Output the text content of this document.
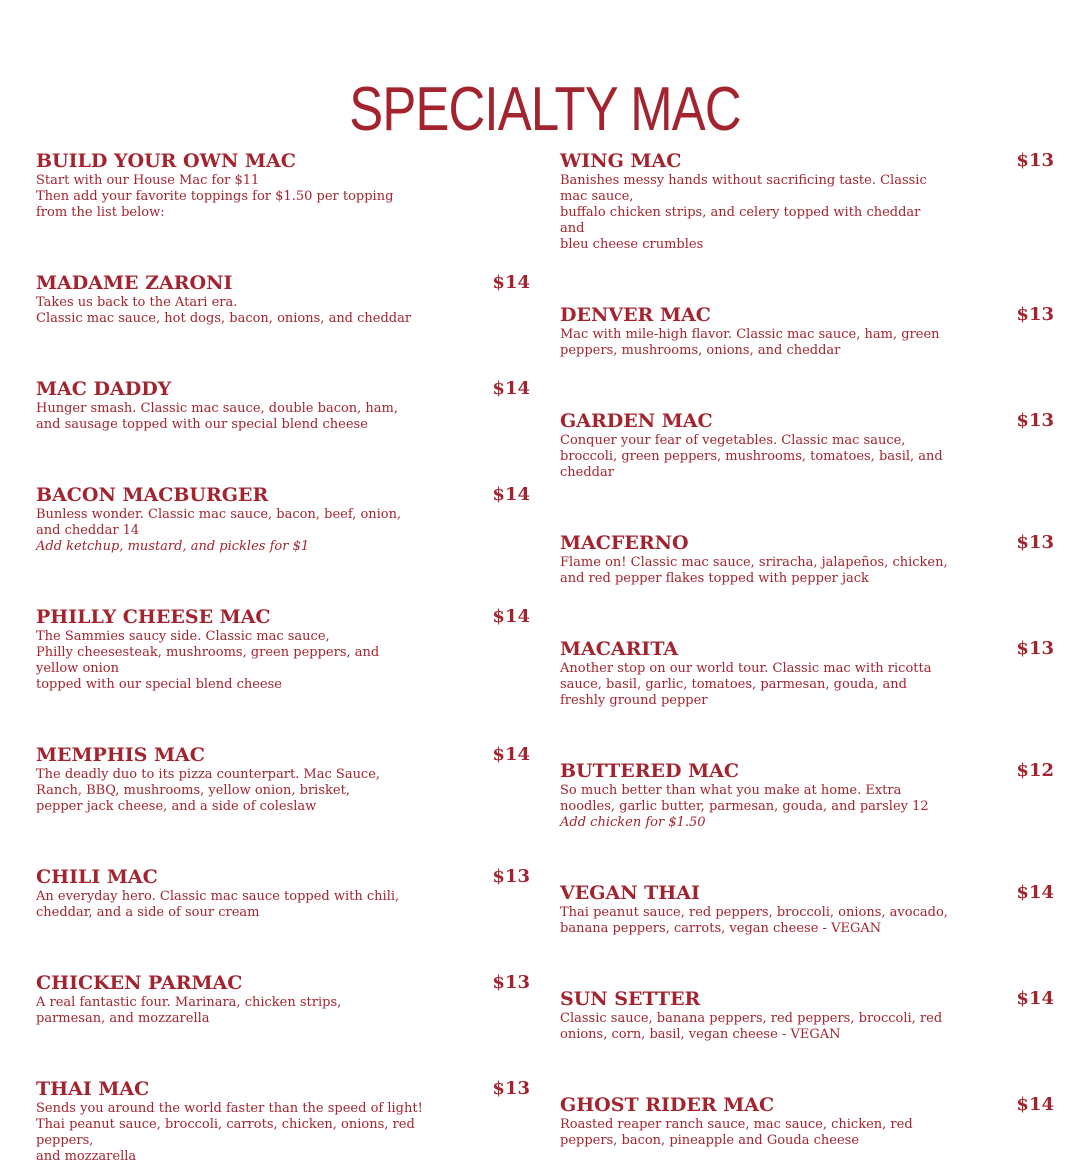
SPECIALTY MAC
BUILD YOUR OWN MAC
Start with our House Mac for $11
Then add your favorite toppings for $1.50 per topping
from the list below:
MADAME ZARONI	$14
Takes us back to the Atari era.
Classic mac sauce, hot dogs, bacon, onions, and cheddar
MAC DADDY	$14
Hunger smash. Classic mac sauce, double bacon, ham,
and sausage topped with our special blend cheese
BACON MACBURGER	$14
Bunless wonder. Classic mac sauce, bacon, beef, onion,
and cheddar 14
Add ketchup, mustard, and pickles for $1
PHILLY CHEESE MAC	$14
The Sammies saucy side. Classic mac sauce,
Philly cheesesteak, mushrooms, green peppers, and
yellow onion
topped with our special blend cheese
MEMPHIS MAC	$14
The deadly duo to its pizza counterpart. Mac Sauce,
Ranch, BBQ, mushrooms, yellow onion, brisket,
pepper jack cheese, and a side of coleslaw
CHILI MAC	$13
An everyday hero. Classic mac sauce topped with chili,
cheddar, and a side of sour cream
CHICKEN PARMAC	$13
A real fantastic four. Marinara, chicken strips,
parmesan, and mozzarella
THAI MAC	$13
Sends you around the world faster than the speed of light!
Thai peanut sauce, broccoli, carrots, chicken, onions, red
peppers,
and mozzarella
WING MAC	$13
Banishes messy hands without sacrificing taste. Classic
mac sauce,
buffalo chicken strips, and celery topped with cheddar
and
bleu cheese crumbles
DENVER MAC	$13
Mac with mile-high flavor. Classic mac sauce, ham, green
peppers, mushrooms, onions, and cheddar
GARDEN MAC	$13
Conquer your fear of vegetables. Classic mac sauce,
broccoli, green peppers, mushrooms, tomatoes, basil, and
cheddar
MACFERNO	$13
Flame on! Classic mac sauce, sriracha, jalapeños, chicken,
and red pepper flakes topped with pepper jack
MACARITA	$13
Another stop on our world tour. Classic mac with ricotta
sauce, basil, garlic, tomatoes, parmesan, gouda, and
freshly ground pepper
BUTTERED MAC	$12
So much better than what you make at home. Extra
noodles, garlic butter, parmesan, gouda, and parsley 12
Add chicken for $1.50
VEGAN THAI	$14
Thai peanut sauce, red peppers, broccoli, onions, avocado,
banana peppers, carrots, vegan cheese - VEGAN
SUN SETTER	$14
Classic sauce, banana peppers, red peppers, broccoli, red
onions, corn, basil, vegan cheese - VEGAN
GHOST RIDER MAC	$14
Roasted reaper ranch sauce, mac sauce, chicken, red
peppers, bacon, pineapple and Gouda cheese
